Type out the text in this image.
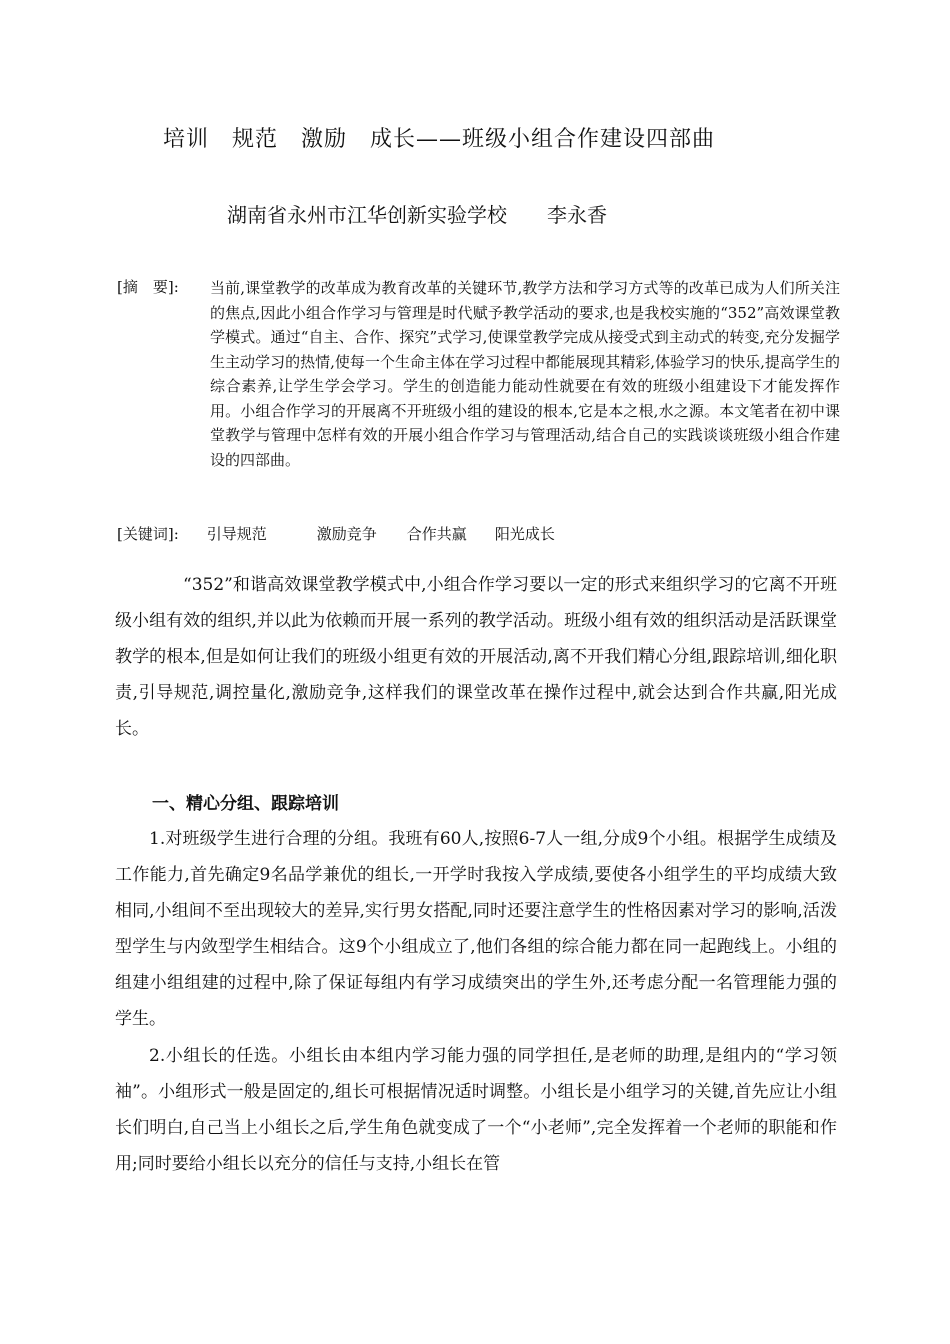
培训　规范　激励　成长——班级小组合作建设四部曲
湖南省永州市江华创新实验学校　　李永香
[摘　要]: 当前,课堂教学的改革成为教育改革的关键环节,教学方法和学习方式等的改革已成为人们所关注的焦点,因此小组合作学习与管理是时代赋予教学活动的要求,也是我校实施的“352”高效课堂教学模式。通过“自主、合作、探究”式学习,使课堂教学完成从接受式到主动式的转变,充分发掘学生主动学习的热情,使每一个生命主体在学习过程中都能展现其精彩,体验学习的快乐,提高学生的综合素养,让学生学会学习。学生的创造能力能动性就要在有效的班级小组建设下才能发挥作用。小组合作学习的开展离不开班级小组的建设的根本,它是本之根,水之源。本文笔者在初中课堂教学与管理中怎样有效的开展小组合作学习与管理活动,结合自己的实践谈谈班级小组合作建设的四部曲。
[关键词]: 引导规范	激励竞争 合作共赢 阳光成长
“352”和谐高效课堂教学模式中,小组合作学习要以一定的形式来组织学习的它离不开班级小组有效的组织,并以此为依赖而开展一系列的教学活动。班级小组有效的组织活动是活跃课堂教学的根本,但是如何让我们的班级小组更有效的开展活动,离不开我们精心分组,跟踪培训,细化职责,引导规范,调控量化,激励竞争,这样我们的课堂改革在操作过程中,就会达到合作共赢,阳光成长。
一、精心分组、跟踪培训
1.对班级学生进行合理的分组。我班有60人,按照6-7人一组,分成9个小组。根据学生成绩及工作能力,首先确定9名品学兼优的组长,一开学时我按入学成绩,要使各小组学生的平均成绩大致相同,小组间不至出现较大的差异,实行男女搭配,同时还要注意学生的性格因素对学习的影响,活泼型学生与内敛型学生相结合。这9个小组成立了,他们各组的综合能力都在同一起跑线上。小组的组建小组组建的过程中,除了保证每组内有学习成绩突出的学生外,还考虑分配一名管理能力强的学生。
2.小组长的任选。小组长由本组内学习能力强的同学担任,是老师的助理,是组内的“学习领袖”。小组形式一般是固定的,组长可根据情况适时调整。小组长是小组学习的关键,首先应让小组长们明白,自己当上小组长之后,学生角色就变成了一个“小老师”,完全发挥着一个老师的职能和作用;同时要给小组长以充分的信任与支持,小组长在管
